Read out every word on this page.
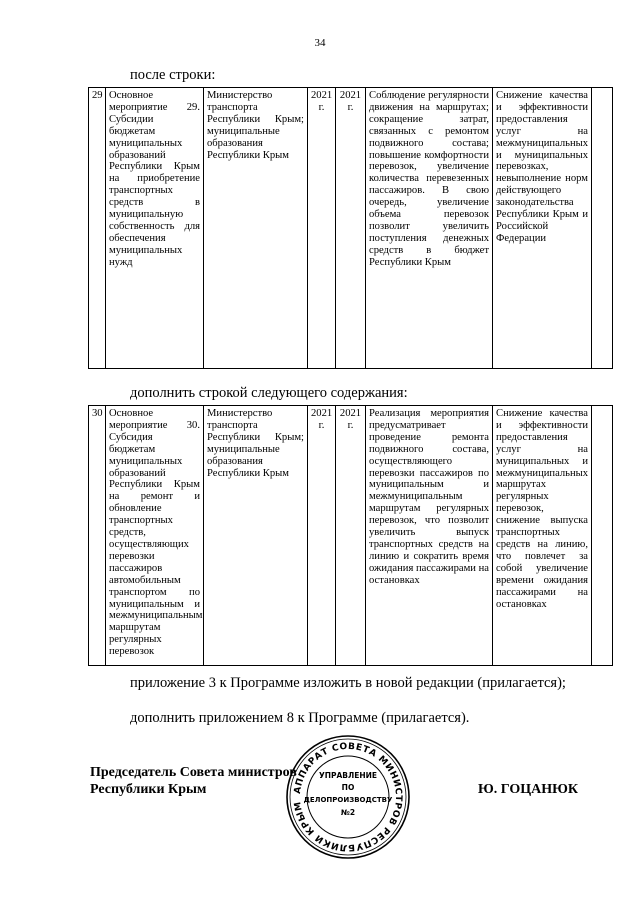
34
после строки:
29	Основное мероприятие 29. Субсидии бюджетам муниципальных образований Республики Крым на приобретение транспортных средств в муниципальную собственность для обеспечения муниципальных нужд	Министерство транспорта Республики Крым; муниципальные образования Республики Крым	2021 г.	2021 г.	Соблюдение регулярности движения на маршрутах; сокращение затрат, связанных с ремонтом подвижного состава; повышение комфортности перевозок, увеличение количества перевезенных пассажиров. В свою очередь, увеличение объема перевозок позволит увеличить поступления денежных средств в бюджет Республики Крым	Снижение качества и эффективности предоставления услуг на межмуниципальных и муниципальных перевозках, невыполнение норм действующего законодательства Республики Крым и Российской Федерации	
дополнить строкой следующего содержания:
30	Основное мероприятие 30. Субсидия бюджетам муниципальных образований Республики Крым на ремонт и обновление транспортных средств, осуществляющих перевозки пассажиров автомобильным транспортом по муниципальным и межмуниципальным маршрутам регулярных перевозок	Министерство транспорта Республики Крым; муниципальные образования Республики Крым	2021 г.	2021 г.	Реализация мероприятия предусматривает проведение ремонта подвижного состава, осуществляющего перевозки пассажиров по муниципальным и межмуниципальным маршрутам регулярных перевозок, что позволит увеличить выпуск транспортных средств на линию и сократить время ожидания пассажирами на остановках	Снижение качества и эффективности предоставления услуг на муниципальных и межмуниципальных маршрутах регулярных перевозок, снижение выпуска транспортных средств на линию, что повлечет за собой увеличение времени ожидания пассажирами на остановках	
приложение 3 к Программе изложить в новой редакции (прилагается);
дополнить приложением 8 к Программе (прилагается).
Председатель Совета министров
Республики Крым	Ю. ГОЦАНЮК
АППАРАТ СОВЕТА МИНИСТРОВ РЕСПУБЛИКИ КРЫМ
УПРАВЛЕНИЕ
ПО
ДЕЛОПРОИЗВОДСТВУ
№2
